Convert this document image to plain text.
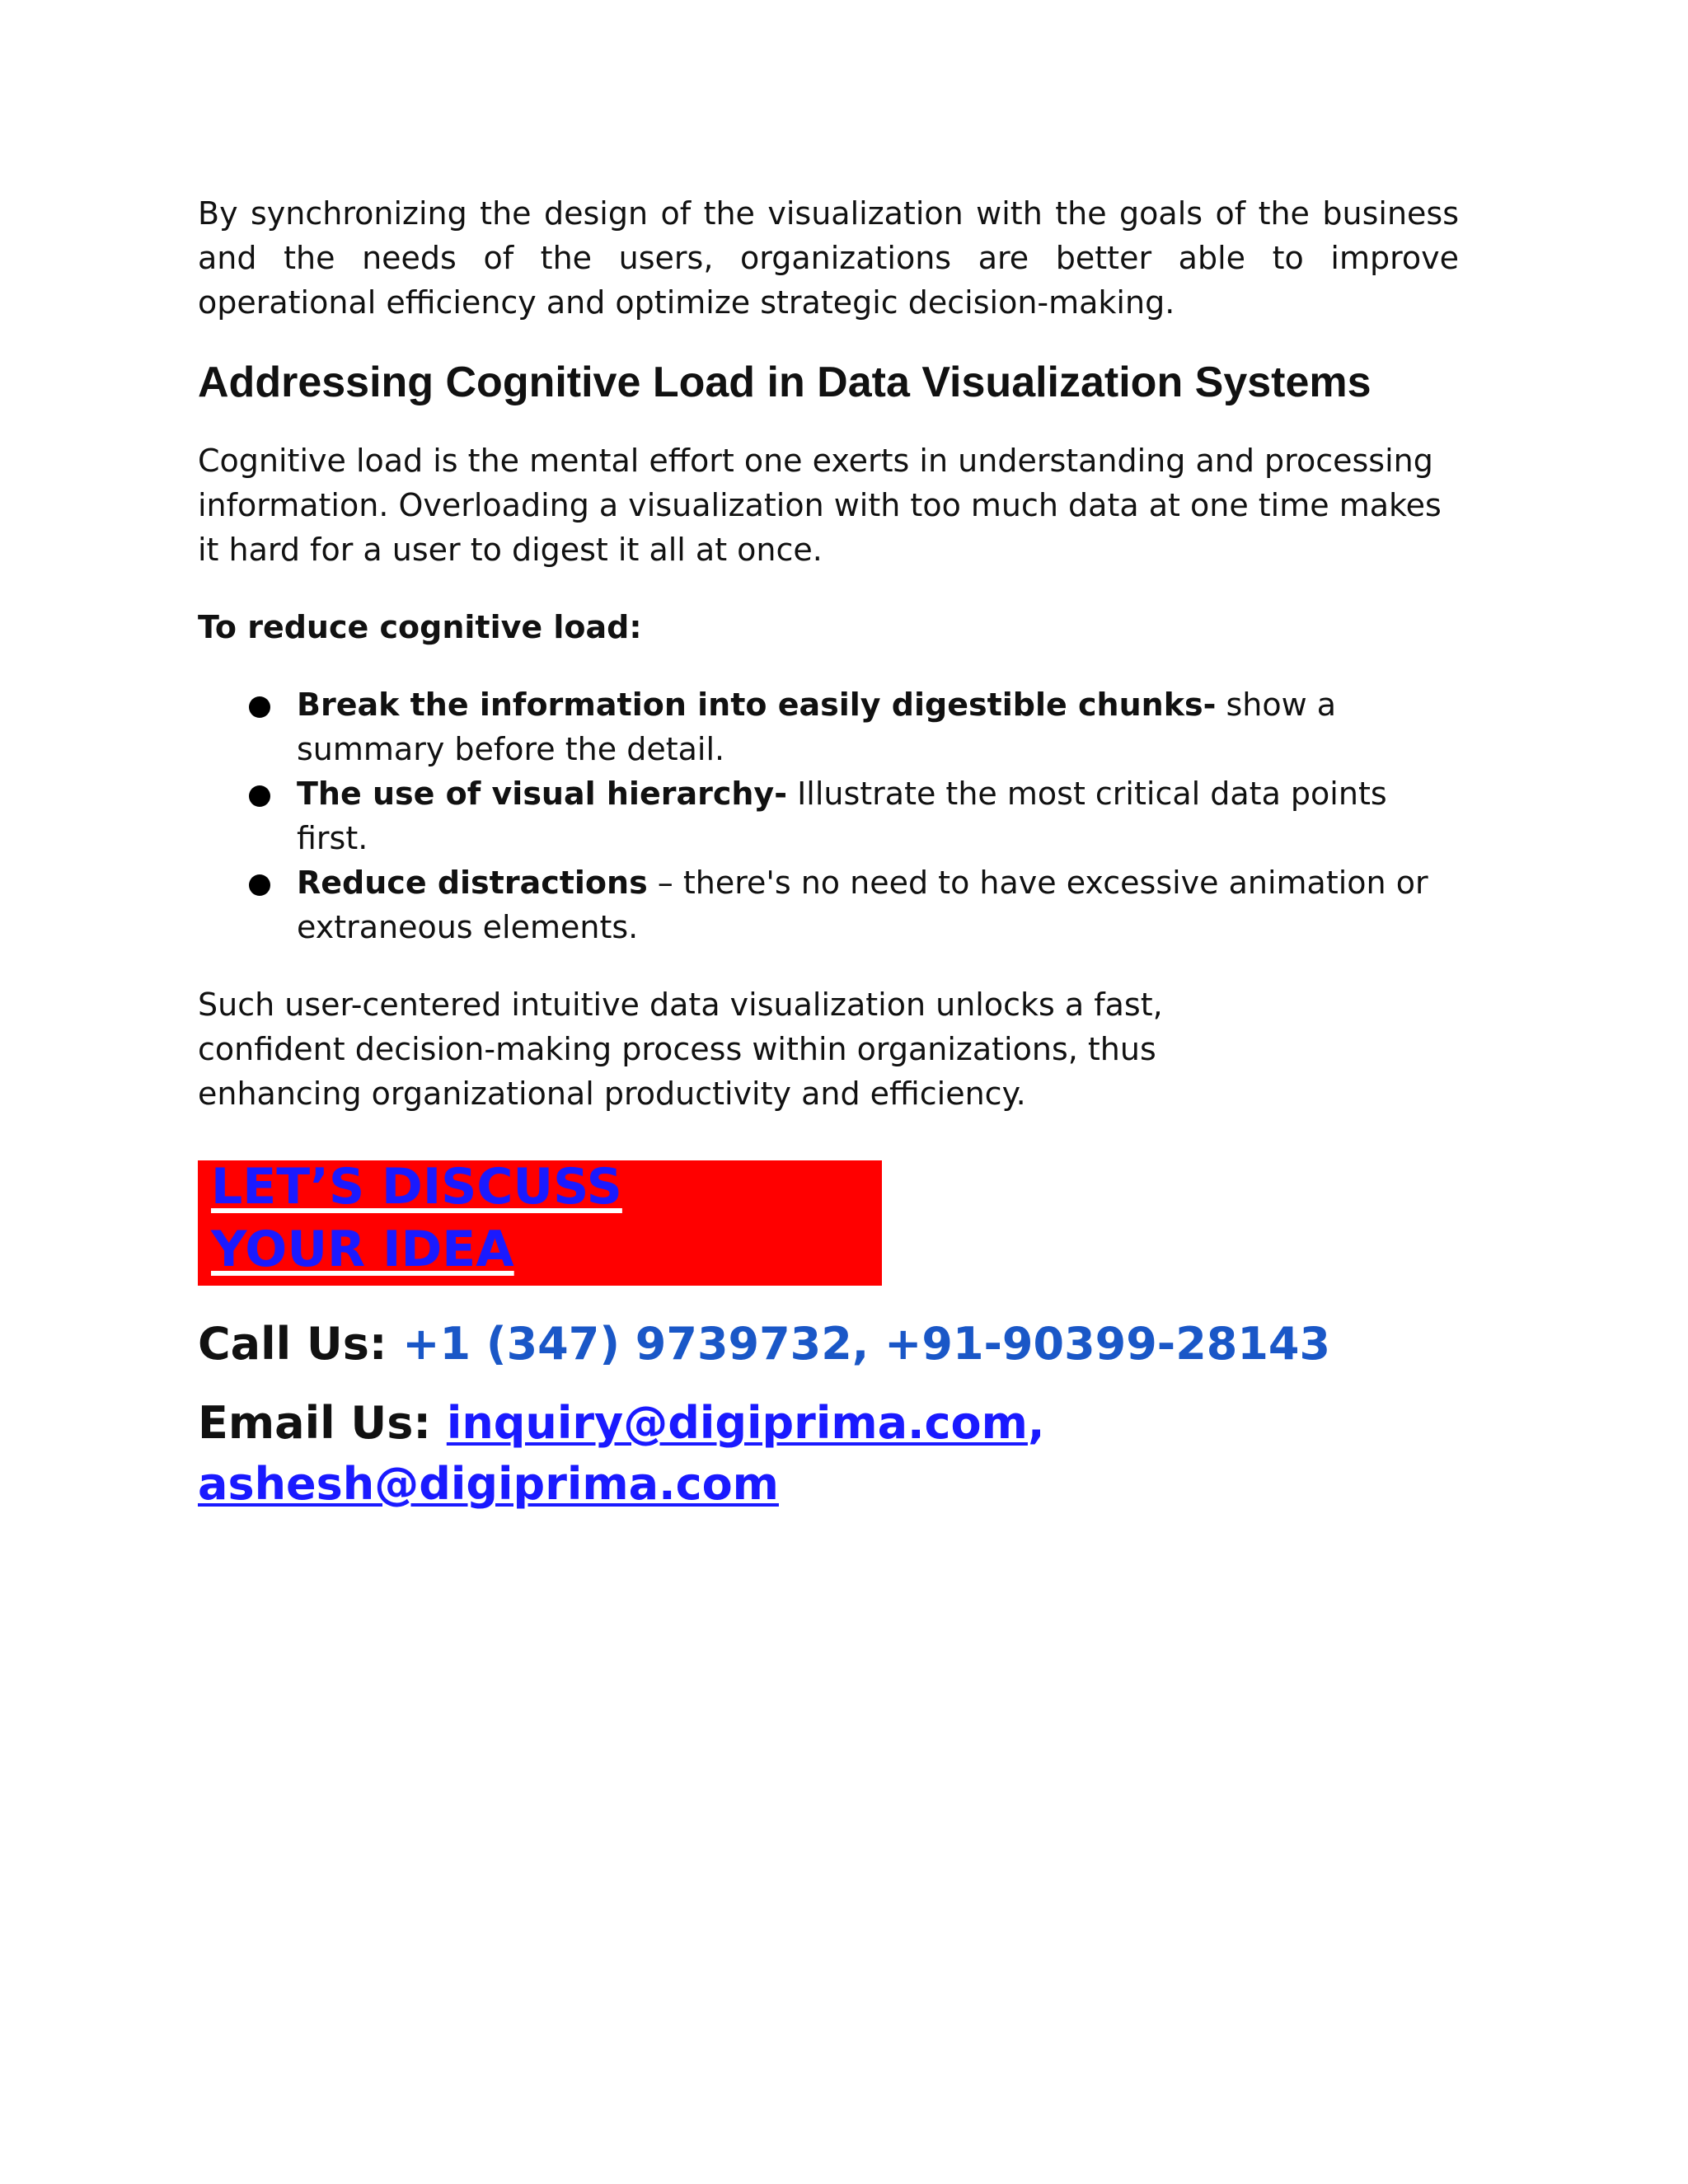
By synchronizing the design of the visualization with the goals of the business and the needs of the users, organizations are better able to improve operational efficiency and optimize strategic decision-making.

Addressing Cognitive Load in Data Visualization Systems

Cognitive load is the mental effort one exerts in understanding and processing information. Overloading a visualization with too much data at one time makes it hard for a user to digest it all at once.

To reduce cognitive load:

Break the information into easily digestible chunks- show a summary before the detail.
The use of visual hierarchy- Illustrate the most critical data points first.
Reduce distractions – there's no need to have excessive animation or extraneous elements.

Such user-centered intuitive data visualization unlocks a fast, confident decision-making process within organizations, thus enhancing organizational productivity and efficiency.

LET’S DISCUSS YOUR IDEA

Call Us: +1 (347) 9739732, +91-90399-28143

Email Us: inquiry@digiprima.com,
ashesh@digiprima.com
